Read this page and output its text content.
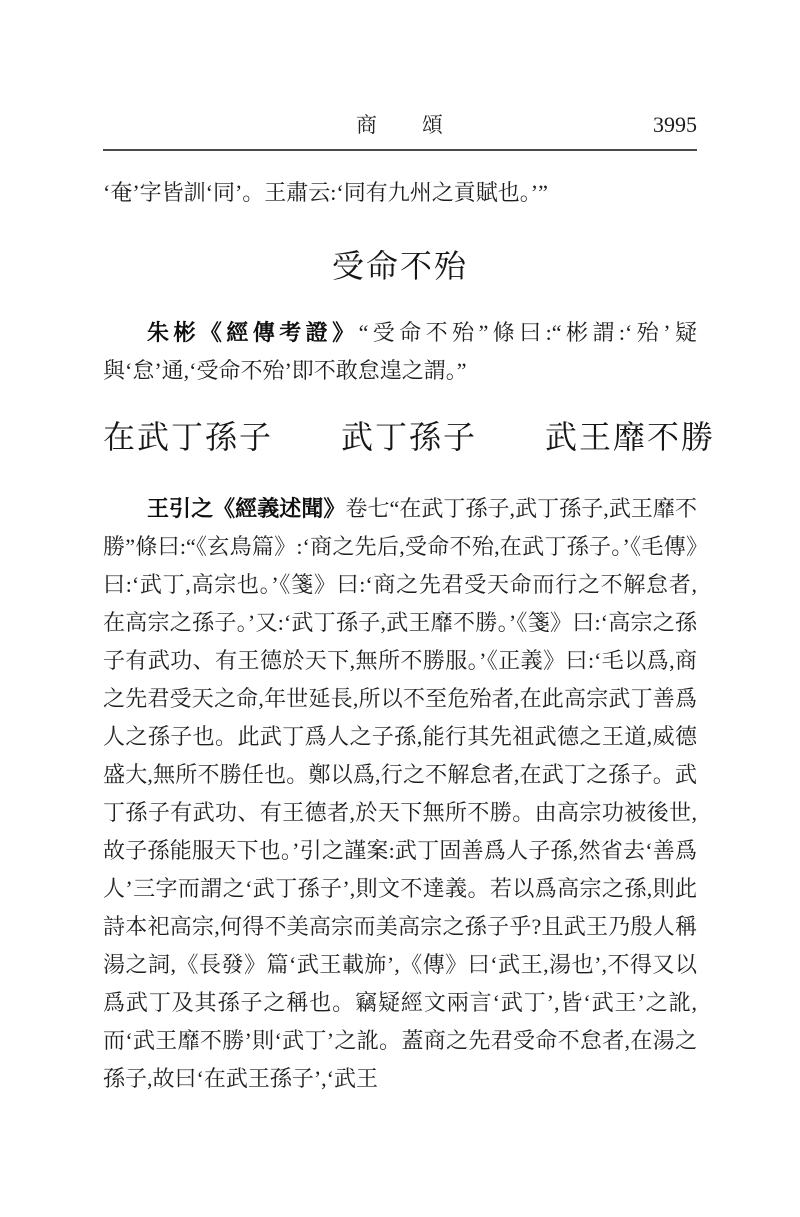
商　　頌	3995

‘奄’字皆訓‘同’。王肅云:‘同有九州之貢賦也。’”

受命不殆

朱彬《經傳考證》“受命不殆”條曰:“彬謂:‘殆’疑與‘怠’通,‘受命不殆’即不敢怠遑之謂。”

在武丁孫子　　武丁孫子　　武王靡不勝

王引之《經義述聞》卷七“在武丁孫子,武丁孫子,武王靡不勝”條曰:“《玄鳥篇》:‘商之先后,受命不殆,在武丁孫子。’《毛傳》曰:‘武丁,高宗也。’《箋》曰:‘商之先君受天命而行之不解怠者,在高宗之孫子。’又:‘武丁孫子,武王靡不勝。’《箋》曰:‘高宗之孫子有武功、有王德於天下,無所不勝服。’《正義》曰:‘毛以爲,商之先君受天之命,年世延長,所以不至危殆者,在此高宗武丁善爲人之孫子也。此武丁爲人之子孫,能行其先祖武德之王道,威德盛大,無所不勝任也。鄭以爲,行之不解怠者,在武丁之孫子。武丁孫子有武功、有王德者,於天下無所不勝。由高宗功被後世,故子孫能服天下也。’引之謹案:武丁固善爲人子孫,然省去‘善爲人’三字而謂之‘武丁孫子’,則文不達義。若以爲高宗之孫,則此詩本祀高宗,何得不美高宗而美高宗之孫子乎?且武王乃殷人稱湯之詞,《長發》篇‘武王載斾’,《傳》曰‘武王,湯也’,不得又以爲武丁及其孫子之稱也。竊疑經文兩言‘武丁’,皆‘武王’之訛,而‘武王靡不勝’則‘武丁’之訛。蓋商之先君受命不怠者,在湯之孫子,故曰‘在武王孫子’,‘武王
